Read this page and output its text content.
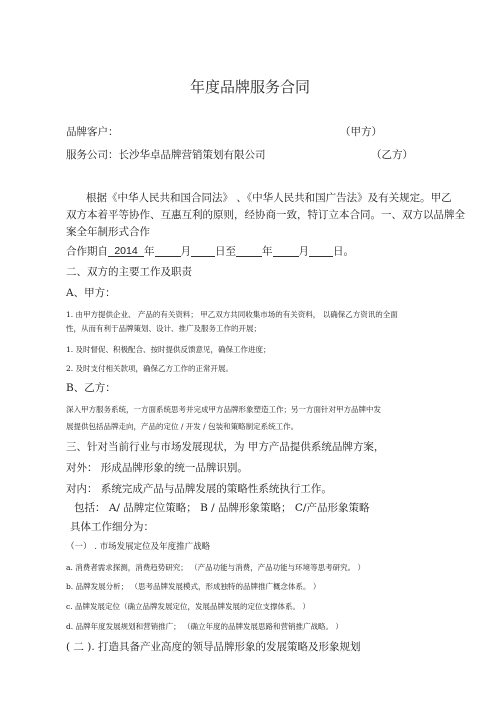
年度品牌服务合同
品牌客户：	（甲方）
服务公司：长沙华卓品牌营销策划有限公司	（乙方）
根据《中华人民共和国合同法》 、《中华人民共和国广告法》及有关规定。甲乙
双方本着平等协作、互惠互利的原则，经协商一致，特订立本合同。一、双方以品牌全
案全年制形式合作
合作期自 2014 年 月 日至 年 月 日。
二、双方的主要工作及职责
A、甲方：
1. 由甲方提供企业、 产品的有关资料； 甲乙双方共同收集市场的有关资料， 以确保乙方资讯的全面
性，从而有利于品牌策划、设计、推广及服务工作的开展；
1. 及时督促、积极配合、按时提供反馈意见，确保工作进度；
2. 及时支付相关款项，确保乙方工作的正常开展。
B、乙方：
深入甲方服务系统，一方面系统思考并完成甲方品牌形象塑造工作；另一方面针对甲方品牌中发
展提供包括品牌走向，产品的定位 / 开发 / 包装和策略制定系统工作。
三、针对当前行业与市场发展现状，为 甲方产品提供系统品牌方案，
对外： 形成品牌形象的统一品牌识别。
对内： 系统完成产品与品牌发展的策略性系统执行工作。
包括： A/ 品牌定位策略； B / 品牌形象策略； C/产品形象策略
具体工作细分为：
（一） . 市场发展定位及年度推广战略
a. 消费者需求探测，消费趋势研究； （产品功能与消费，产品功能与环境等思考研究。 ）
b. 品牌发展分析； （思考品牌发展模式，形成独特的品牌推广概念体系。 ）
c. 品牌发展定位（确立品牌发展定位，发展品牌发展的定位支撑体系。 ）
d. 品牌年度发展规划和营销推广； （确立年度的品牌发展思路和营销推广战略。 ）
( 二 ). 打造具备产业高度的领导品牌形象的发展策略及形象规划
